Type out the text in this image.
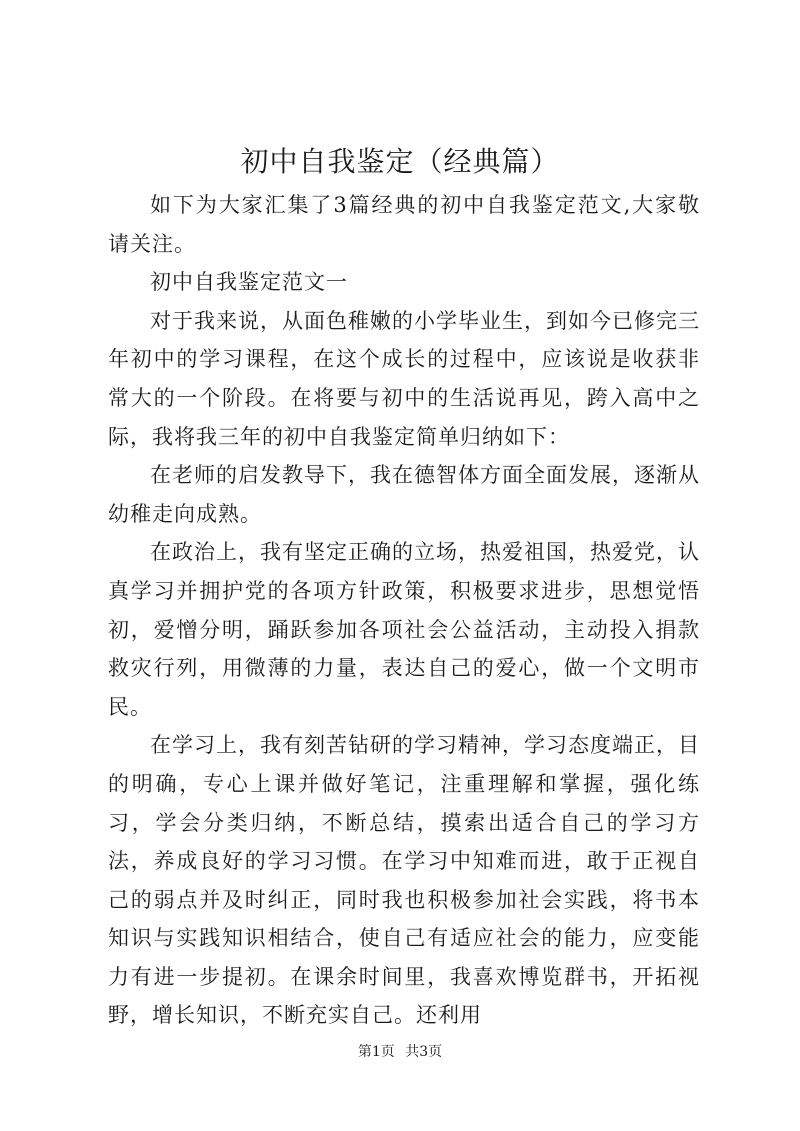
初中自我鉴定（经典篇）

如下为大家汇集了3篇经典的初中自我鉴定范文,大家敬请关注。

初中自我鉴定范文一

对于我来说，从面色稚嫩的小学毕业生，到如今已修完三年初中的学习课程，在这个成长的过程中，应该说是收获非常大的一个阶段。在将要与初中的生活说再见，跨入高中之际，我将我三年的初中自我鉴定简单归纳如下：

在老师的启发教导下，我在德智体方面全面发展，逐渐从幼稚走向成熟。

在政治上，我有坚定正确的立场，热爱祖国，热爱党，认真学习并拥护党的各项方针政策，积极要求进步，思想觉悟初，爱憎分明，踊跃参加各项社会公益活动，主动投入捐款救灾行列，用微薄的力量，表达自己的爱心，做一个文明市民。

在学习上，我有刻苦钻研的学习精神，学习态度端正，目的明确，专心上课并做好笔记，注重理解和掌握，强化练习，学会分类归纳，不断总结，摸索出适合自己的学习方法，养成良好的学习习惯。在学习中知难而进，敢于正视自己的弱点并及时纠正，同时我也积极参加社会实践，将书本知识与实践知识相结合，使自己有适应社会的能力，应变能力有进一步提初。在课余时间里，我喜欢博览群书，开拓视野，增长知识，不断充实自己。还利用

第1页 共3页
